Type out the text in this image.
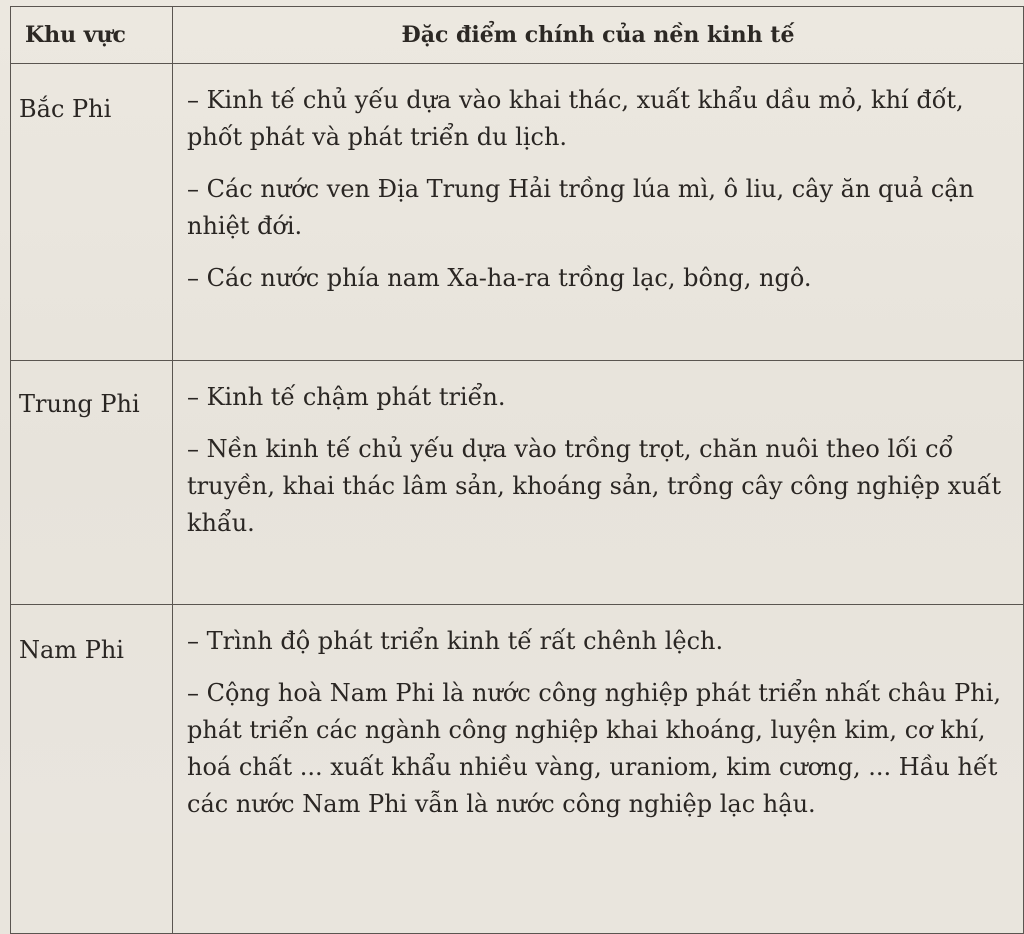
Khu vực	Đặc điểm chính của nền kinh tế
Bắc Phi	– Kinh tế chủ yếu dựa vào khai thác, xuất khẩu dầu mỏ, khí đốt, phốt phát và phát triển du lịch.

– Các nước ven Địa Trung Hải trồng lúa mì, ô liu, cây ăn quả cận nhiệt đới.

– Các nước phía nam Xa-ha-ra trồng lạc, bông, ngô.

Trung Phi	– Kinh tế chậm phát triển.

– Nền kinh tế chủ yếu dựa vào trồng trọt, chăn nuôi theo lối cổ truyền, khai thác lâm sản, khoáng sản, trồng cây công nghiệp xuất khẩu.

Nam Phi	– Trình độ phát triển kinh tế rất chênh lệch.

– Cộng hoà Nam Phi là nước công nghiệp phát triển nhất châu Phi, phát triển các ngành công nghiệp khai khoáng, luyện kim, cơ khí, hoá chất ... xuất khẩu nhiều vàng, uraniom, kim cương, ... Hầu hết các nước Nam Phi vẫn là nước công nghiệp lạc hậu.
